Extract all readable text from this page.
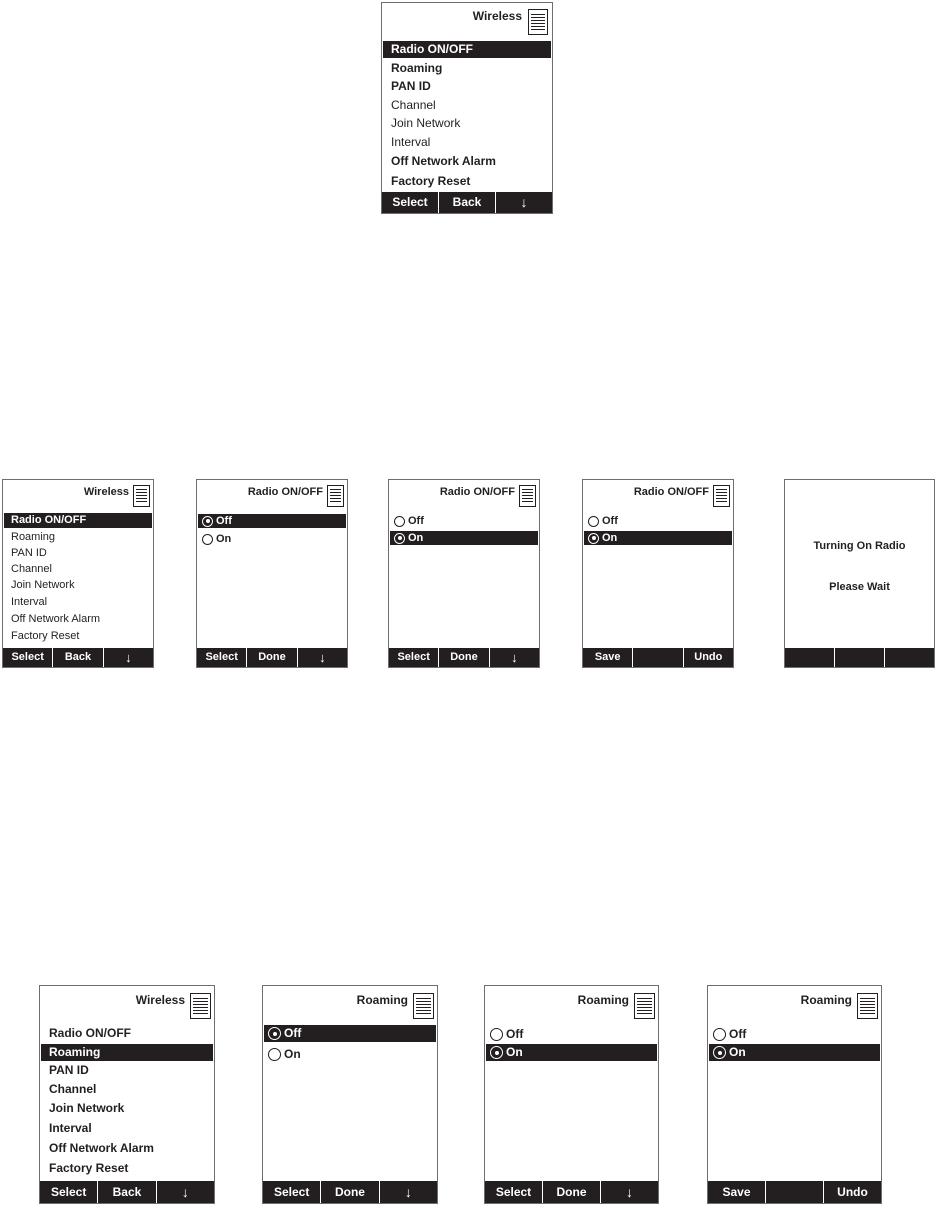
Wireless
Radio ON/OFF
Roaming
PAN ID
Channel
Join Network
Interval
Off Network Alarm
Factory Reset
Select	Back	↓
Wireless
Radio ON/OFF
Roaming
PAN ID
Channel
Join Network
Interval
Off Network Alarm
Factory Reset
Select	Back	↓
Radio ON/OFF
Off
On
Select	Done	↓
Radio ON/OFF
Off
On
Select	Done	↓
Radio ON/OFF
Off
On
Save	Undo
Turning On Radio
Please Wait
Wireless
Radio ON/OFF
Roaming
PAN ID
Channel
Join Network
Interval
Off Network Alarm
Factory Reset
Select	Back	↓
Roaming
Off
On
Select	Done	↓
Roaming
Off
On
Select	Done	↓
Roaming
Off
On
Save	Undo
